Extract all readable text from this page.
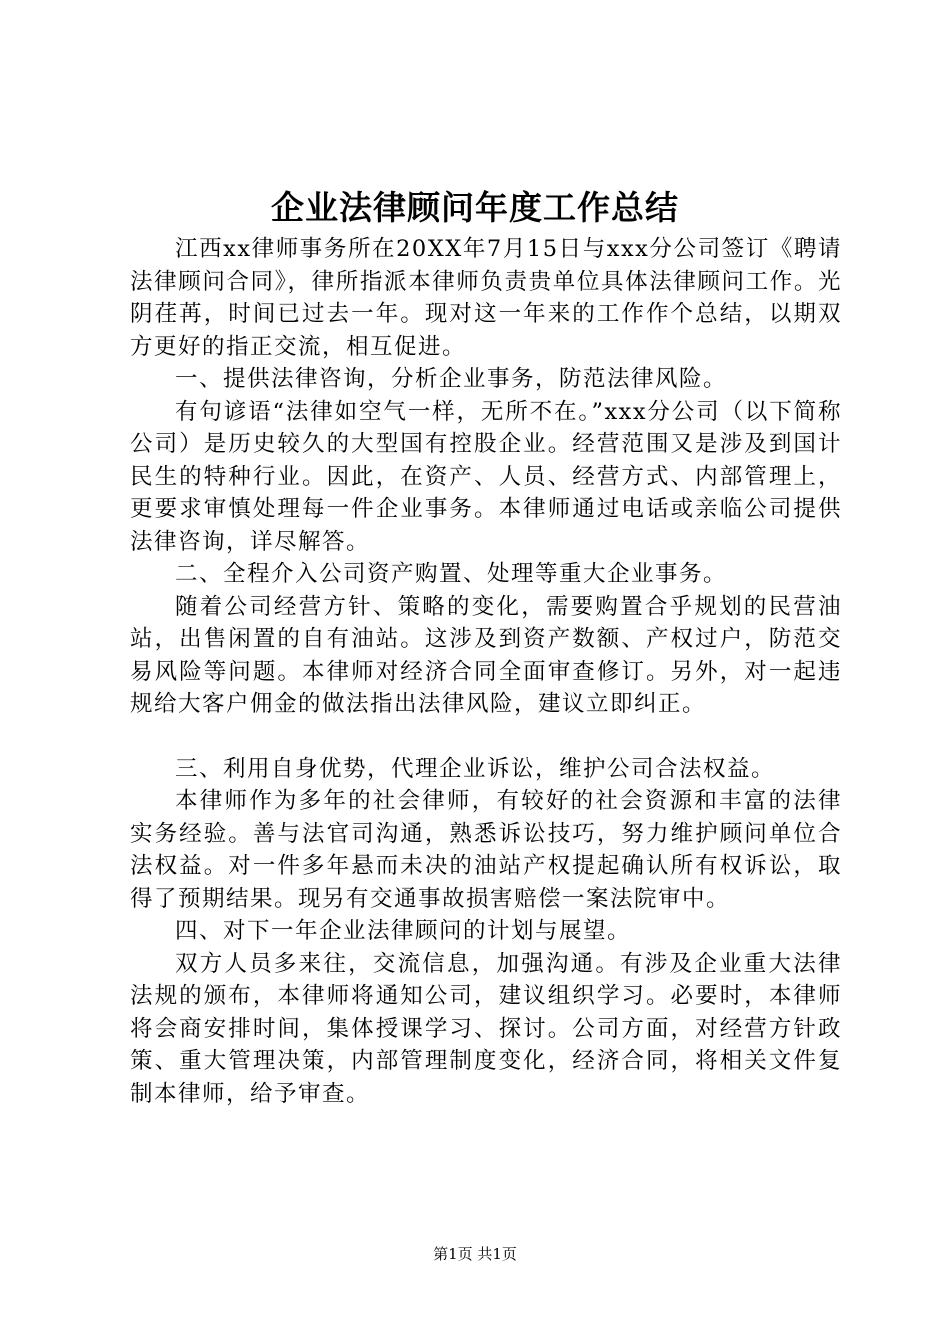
企业法律顾问年度工作总结

江西xx律师事务所在20XX年7月15日与xxx分公司签订《聘请法律顾问合同》，律所指派本律师负责贵单位具体法律顾问工作。光阴荏苒，时间已过去一年。现对这一年来的工作作个总结，以期双方更好的指正交流，相互促进。

一、提供法律咨询，分析企业事务，防范法律风险。

有句谚语“法律如空气一样，无所不在。”xxx分公司（以下简称公司）是历史较久的大型国有控股企业。经营范围又是涉及到国计民生的特种行业。因此，在资产、人员、经营方式、内部管理上，更要求审慎处理每一件企业事务。本律师通过电话或亲临公司提供法律咨询，详尽解答。

二、全程介入公司资产购置、处理等重大企业事务。

随着公司经营方针、策略的变化，需要购置合乎规划的民营油站，出售闲置的自有油站。这涉及到资产数额、产权过户，防范交易风险等问题。本律师对经济合同全面审查修订。另外，对一起违规给大客户佣金的做法指出法律风险，建议立即纠正。

三、利用自身优势，代理企业诉讼，维护公司合法权益。

本律师作为多年的社会律师，有较好的社会资源和丰富的法律实务经验。善与法官司沟通，熟悉诉讼技巧，努力维护顾问单位合法权益。对一件多年悬而未决的油站产权提起确认所有权诉讼，取得了预期结果。现另有交通事故损害赔偿一案法院审中。

四、对下一年企业法律顾问的计划与展望。

双方人员多来往，交流信息，加强沟通。有涉及企业重大法律法规的颁布，本律师将通知公司，建议组织学习。必要时，本律师将会商安排时间，集体授课学习、探讨。公司方面，对经营方针政策、重大管理决策，内部管理制度变化，经济合同，将相关文件复制本律师，给予审查。

第1页 共1页
